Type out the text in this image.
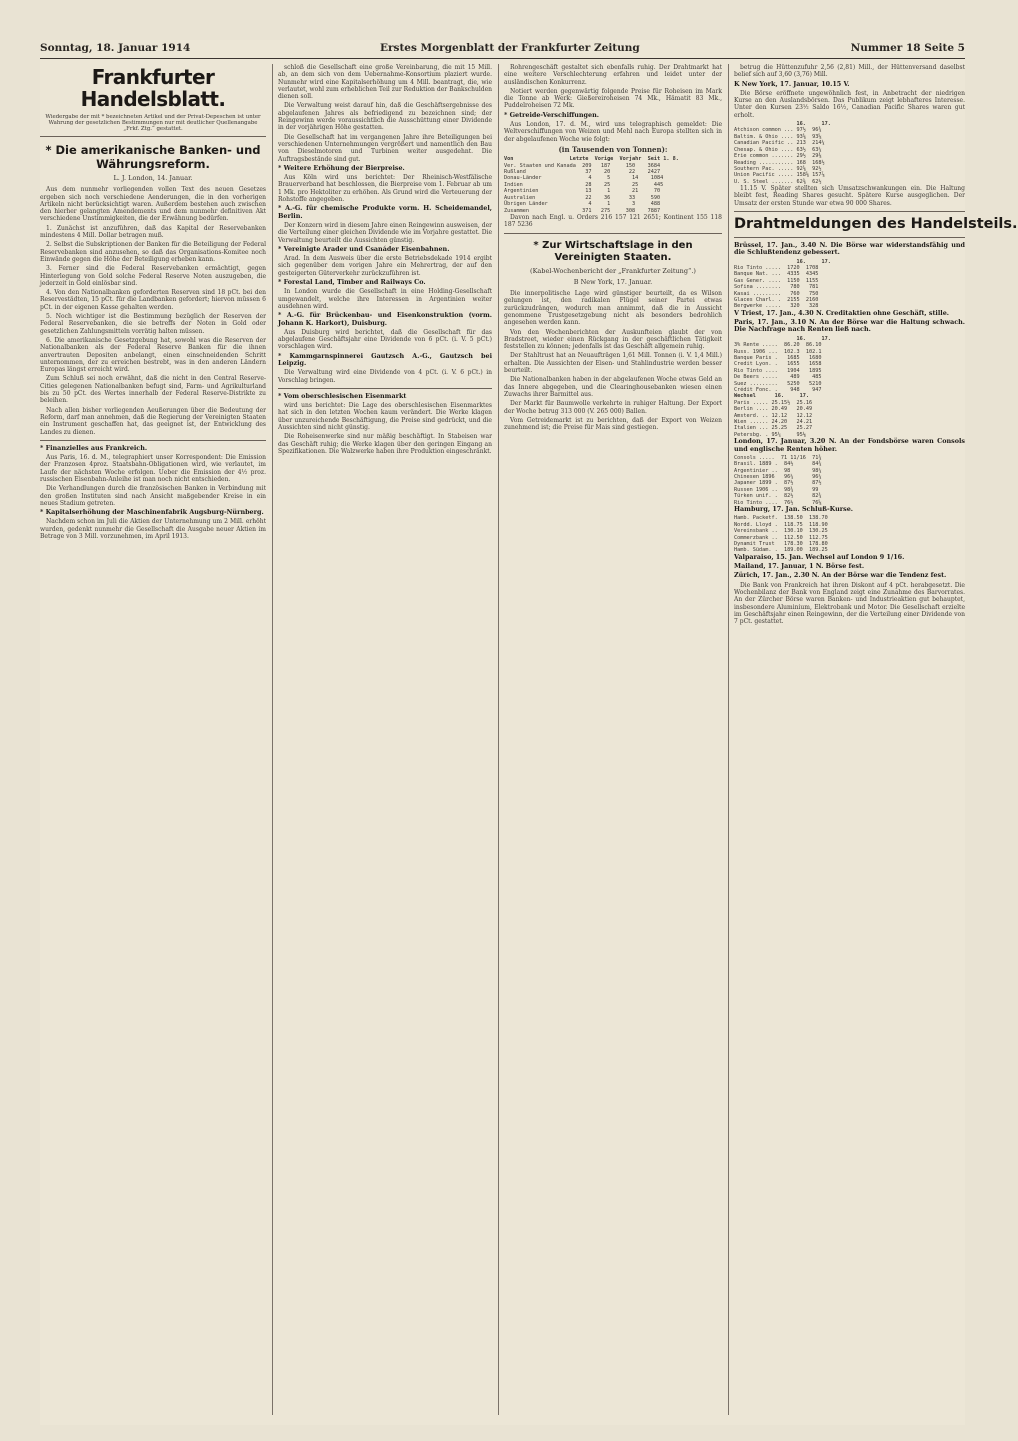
Sonntag, 18. Januar 1914	Erstes Morgenblatt der Frankfurter Zeitung	Nummer 18 Seite 5
Frankfurter Handelsblatt.
Wiedergabe der mit * bezeichneten Artikel und der Privat-Depeschen ist unter Wahrung der gesetzlichen Bestimmungen nur mit deutlicher Quellenangabe „Frkf. Ztg.“ gestattet.
* Die amerikanische Banken- und Währungsreform.
L. J. London, 14. Januar.

Aus dem nunmehr vorliegenden vollen Text des neuen Gesetzes ergeben sich noch verschiedene Aenderungen, die in den vorherigen Artikeln nicht berücksichtigt waren. Außerdem bestehen auch zwischen den hierher gelangten Amendements und dem nunmehr definitiven Akt verschiedene Unstimmigkeiten, die der Erwähnung bedürfen.

1. Zunächst ist anzuführen, daß das Kapital der Reservebanken mindestens 4 Mill. Dollar betragen muß.

2. Selbst die Subskriptionen der Banken für die Beteiligung der Federal Reservebanken sind anzusehen, so daß das Organisations-Komitee noch Einwände gegen die Höhe der Beteiligung erheben kann.

3. Ferner sind die Federal Reservebanken ermächtigt, gegen Hinterlegung von Gold solche Federal Reserve Noten auszugeben, die jederzeit in Gold einlösbar sind.

4. Von den Nationalbanken geforderten Reserven sind 18 pCt. bei den Reservestädten, 15 pCt. für die Landbanken gefordert; hiervon müssen 6 pCt. in der eigenen Kasse gehalten werden.

5. Noch wichtiger ist die Bestimmung bezüglich der Reserven der Federal Reservebanken, die sie betreffs der Noten in Gold oder gesetzlichen Zahlungsmitteln vorrätig halten müssen.

6. Die amerikanische Gesetzgebung hat, sowohl was die Reserven der Nationalbanken als der Federal Reserve Banken für die ihnen anvertrauten Depositen anbelangt, einen einschneidenden Schritt unternommen, der zu erreichen bestrebt, was in den anderen Ländern Europas längst erreicht wird.

Zum Schluß sei noch erwähnt, daß die nicht in den Central Reserve-Cities gelegenen Nationalbanken befugt sind, Farm- und Agrikulturland bis zu 50 pCt. des Wertes innerhalb der Federal Reserve-Distrikte zu beleihen.

Nach allen bisher vorliegenden Aeußerungen über die Bedeutung der Reform, darf man annehmen, daß die Regierung der Vereinigten Staaten ein Instrument geschaffen hat, das geeignet ist, der Entwicklung des Landes zu dienen.

* Finanzielles aus Frankreich.

Aus Paris, 16. d. M., telegraphiert unser Korrespondent: Die Emission der Franzosen 4proz. Staatsbahn-Obligationen wird, wie verlautet, im Laufe der nächsten Woche erfolgen. Ueber die Emission der 4½ proz. russischen Eisenbahn-Anleihe ist man noch nicht entschieden.

Die Verhandlungen durch die französischen Banken in Verbindung mit den großen Instituten sind nach Ansicht maßgebender Kreise in ein neues Stadium getreten.

* Kapitalserhöhung der Maschinenfabrik Augsburg-Nürnberg.

Nachdem schon im Juli die Aktien der Unternehmung um 2 Mill. erhöht wurden, gedenkt nunmehr die Gesellschaft die Ausgabe neuer Aktien im Betrage von 3 Mill. vorzunehmen, im April 1913.

schloß die Gesellschaft eine große Vereinbarung, die mit 15 Mill. ab, an dem sich von dem Uebernahme-Konsortium plaziert wurde. Nunmehr wird eine Kapitalserhöhung um 4 Mill. beantragt, die, wie verlautet, wohl zum erheblichen Teil zur Reduktion der Bankschulden dienen soll.

Die Verwaltung weist darauf hin, daß die Geschäftsergebnisse des abgelaufenen Jahres als befriedigend zu bezeichnen sind; der Reingewinn werde voraussichtlich die Ausschüttung einer Dividende in der vorjährigen Höhe gestatten.

Die Gesellschaft hat im vergangenen Jahre ihre Beteiligungen bei verschiedenen Unternehmungen vergrößert und namentlich den Bau von Dieselmotoren und Turbinen weiter ausgedehnt. Die Auftragsbestände sind gut.

* Weitere Erhöhung der Bierpreise.

Aus Köln wird uns berichtet: Der Rheinisch-Westfälische Brauerverband hat beschlossen, die Bierpreise vom 1. Februar ab um 1 Mk. pro Hektoliter zu erhöhen. Als Grund wird die Verteuerung der Rohstoffe angegeben.

* A.-G. für chemische Produkte vorm. H. Scheidemandel, Berlin.

Der Konzern wird in diesem Jahre einen Reingewinn ausweisen, der die Verteilung einer gleichen Dividende wie im Vorjahre gestattet. Die Verwaltung beurteilt die Aussichten günstig.

* Vereinigte Arader und Csanáder Eisenbahnen.

Arad. In dem Ausweis über die erste Betriebsdekade 1914 ergibt sich gegenüber dem vorigen Jahre ein Mehrertrag, der auf den gesteigerten Güterverkehr zurückzuführen ist.

* Forestal Land, Timber and Railways Co.

In London wurde die Gesellschaft in eine Holding-Gesellschaft umgewandelt, welche ihre Interessen in Argentinien weiter ausdehnen wird.

* A.-G. für Brückenbau- und Eisenkonstruktion (vorm. Johann K. Harkort), Duisburg.

Aus Duisburg wird berichtet, daß die Gesellschaft für das abgelaufene Geschäftsjahr eine Dividende von 6 pCt. (i. V. 5 pCt.) vorschlagen wird.

* Kammgarnspinnerei Gautzsch A.-G., Gautzsch bei Leipzig.

Die Verwaltung wird eine Dividende von 4 pCt. (i. V. 6 pCt.) in Vorschlag bringen.

* Vom oberschlesischen Eisenmarkt

wird uns berichtet: Die Lage des oberschlesischen Eisenmarktes hat sich in den letzten Wochen kaum verändert. Die Werke klagen über unzureichende Beschäftigung, die Preise sind gedrückt, und die Aussichten sind nicht günstig.

Die Roheisenwerke sind nur mäßig beschäftigt. In Stabeisen war das Geschäft ruhig; die Werke klagen über den geringen Eingang an Spezifikationen. Die Walzwerke haben ihre Produktion eingeschränkt.

Rohrengeschäft gestaltet sich ebenfalls ruhig. Der Drahtmarkt hat eine weitere Verschlechterung erfahren und leidet unter der ausländischen Konkurrenz.

Notiert werden gegenwärtig folgende Preise für Roheisen im Mark die Tonne ab Werk: Gießereiroheisen 74 Mk., Hämatit 83 Mk., Puddelroheisen 72 Mk.

* Getreide-Verschiffungen.

Aus London, 17. d. M., wird uns telegraphisch gemeldet: Die Weltverschiffungen von Weizen und Mehl nach Europa stellten sich in der abgelaufenen Woche wie folgt:

(in Tausenden von Tonnen):
Von                  Letzte  Vorige  Vorjahr  Seit 1. 8.
Ver. Staaten und Kanada  209   187     150    3684
Rußland                   37    20      22    2427
Donau-Länder               4     5       14    1084
Indien                    28    25       25     445
Argentinien               13     1       21     70
Australien                22    36      33     590
Übrigen Länder             4     1       3     488
Zusammen                 371   275     308    7887

Davon nach Engl. u. Orders 216 157 121 2651; Kontinent 155 118 187 5236

* Zur Wirtschaftslage in den Vereinigten Staaten.
(Kabel-Wochenbericht der „Frankfurter Zeitung“.)
B New York, 17. Januar.

Die innerpolitische Lage wird günstiger beurteilt, da es Wilson gelungen ist, den radikalen Flügel seiner Partei etwas zurückzudrängen, wodurch man annimmt, daß die in Aussicht genommene Trustgesetzgebung nicht als besonders bedrohlich angesehen werden kann.

Von den Wochenberichten der Auskunfteien glaubt der von Bradstreet, wieder einen Rückgang in der geschäftlichen Tätigkeit feststellen zu können; jedenfalls ist das Geschäft allgemein ruhig.

Der Stahltrust hat an Neuaufträgen 1,61 Mill. Tonnen (i. V. 1,4 Mill.) erhalten. Die Aussichten der Eisen- und Stahlindustrie werden besser beurteilt.

Die Nationalbanken haben in der abgelaufenen Woche etwas Geld an das Innere abgegeben, und die Clearinghousebanken wiesen einen Zuwachs ihrer Barmittel aus.

Der Markt für Baumwolle verkehrte in ruhiger Haltung. Der Export der Woche betrug 313 000 (V. 265 000) Ballen.

Vom Getreidemarkt ist zu berichten, daß der Export von Weizen zunehmend ist; die Preise für Mais sind gestiegen.

betrug die Hüttenzufuhr 2,56 (2,81) Mill., der Hüttenversand daselbst belief sich auf 3,60 (3,76) Mill.

K New York, 17. Januar, 10.15 V.

Die Börse eröffnete ungewöhnlich fest, in Anbetracht der niedrigen Kurse an den Auslandsbörsen. Das Publikum zeigt lebhafteres Interesse. Unter den Kursen 23½ Saldo 16½, Canadian Pacific Shares waren gut erholt.

16.     17.
Atchison common ... 97½  96¾
Baltim. & Ohio .... 93⅝  93⅝
Canadian Pacific .. 213  214¼
Chesap. & Ohio .... 63½  63¼
Erie common ....... 29½  29⅜
Reading ........... 168  168½
Southern Pac. ..... 92⅝  92½
Union Pacific ..... 158⅝ 157⅞
U. S. Steel ....... 62⅜  62½

11.15 V. Später stellten sich Umsatzschwankungen ein. Die Haltung bleibt fest, Reading Shares gesucht. Spätere Kurse ausgeglichen. Der Umsatz der ersten Stunde war etwa 90 000 Shares.

Drahtmeldungen des Handelsteils.

Brüssel, 17. Jan., 3.40 N. Die Börse war widerstandsfähig und die Schlußtendenz gebessert.

16.     17.
Rio Tinto .....  1720  1708
Banque Nat. ...  4335  4345
Gas Gener. ....  1150  1155
Sofina ........   780   781
Kasai .........   760   750
Glaces Charl. .  2155  2160
Bergwerke .....   320   328

V Triest, 17. Jan., 4.30 N. Creditaktien ohne Geschäft, stille.

Paris, 17. Jan., 3.10 N. An der Börse war die Haltung schwach. Die Nachfrage nach Renten ließ nach.

16.     17.
3% Rente .....  86.20  86.10
Russ. 1906 ...  102.3  102.1
Banque Paris .   1685   1680
Credit Lyon. .   1655   1658
Rio Tinto ....   1904   1895
De Beers .....    489    485
Suez .........   5250   5210
Crédit Fonc. .    948    947
Wechsel      16.     17.
Paris ..... 25.15½  25.16
Berlin .... 20.49   20.49
Amsterd. .. 12.12   12.12
Wien ...... 24.20   24.21
Italien ... 25.25   25.27
Petersbg. . 95¼     95⅛

London, 17. Januar, 3.20 N. An der Fondsbörse waren Consols und englische Renten höher.

Consols .....  71 11/16  71¾
Brasil. 1889 .  84½      84¾
Argentinier ..  98       98¼
Chinesen 1896   96¼      96¼
Japaner 1899 .  87½      87½
Russen 1906 ..  98¾      99
Türken unif. .  82½      82¾
Rio Tinto ....  76½      76⅝

Hamburg, 17. Jan. Schluß-Kurse.

Hamb. Packetf.  138.50  138.70
Nordd. Lloyd .  118.75  118.90
Vereinsbank ..  130.10  130.25
Commerzbank ..  112.50  112.75
Dynamit Trust   178.30  178.80
Hamb. Südam. .  189.00  189.25

Valparaiso, 15. Jan. Wechsel auf London 9 1/16.

Mailand, 17. Januar, 1 N. Börse fest.

Zürich, 17. Jan., 2.30 N. An der Börse war die Tendenz fest.

Die Bank von Frankreich hat ihren Diskont auf 4 pCt. herabgesetzt. Die Wochenbilanz der Bank von England zeigt eine Zunahme des Barvorrates. An der Zürcher Börse waren Banken- und Industrieaktien gut behauptet, insbesondere Aluminium, Elektrobank und Motor. Die Gesellschaft erzielte im Geschäftsjahr einen Reingewinn, der die Verteilung einer Dividende von 7 pCt. gestattet.
